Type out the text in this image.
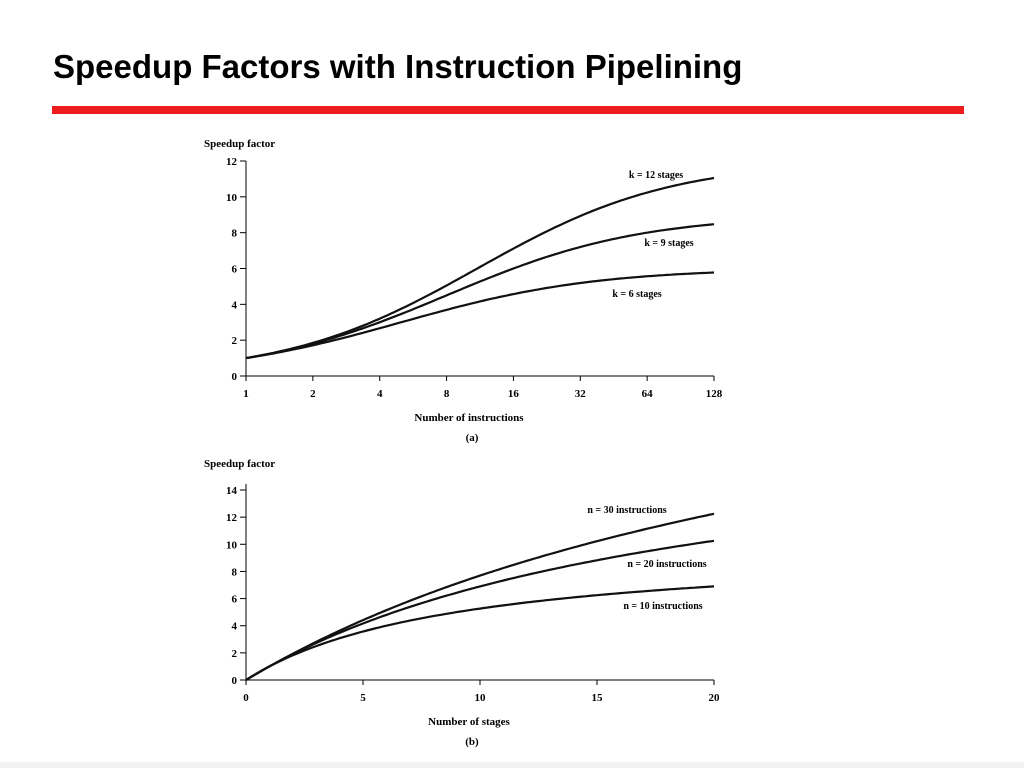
Speedup Factors with Instruction Pipelining
Speedup factor
Number of instructions
(a)
0
2
4
6
8
10
12
1	2	4	8	16	32	64	128
k = 12 stages
k = 9 stages
k = 6 stages
Speedup factor
Number of stages
(b)
0
2
4
6
8
10
12
14
0	5	10	15	20
n = 30 instructions
n = 20 instructions
n = 10 instructions
